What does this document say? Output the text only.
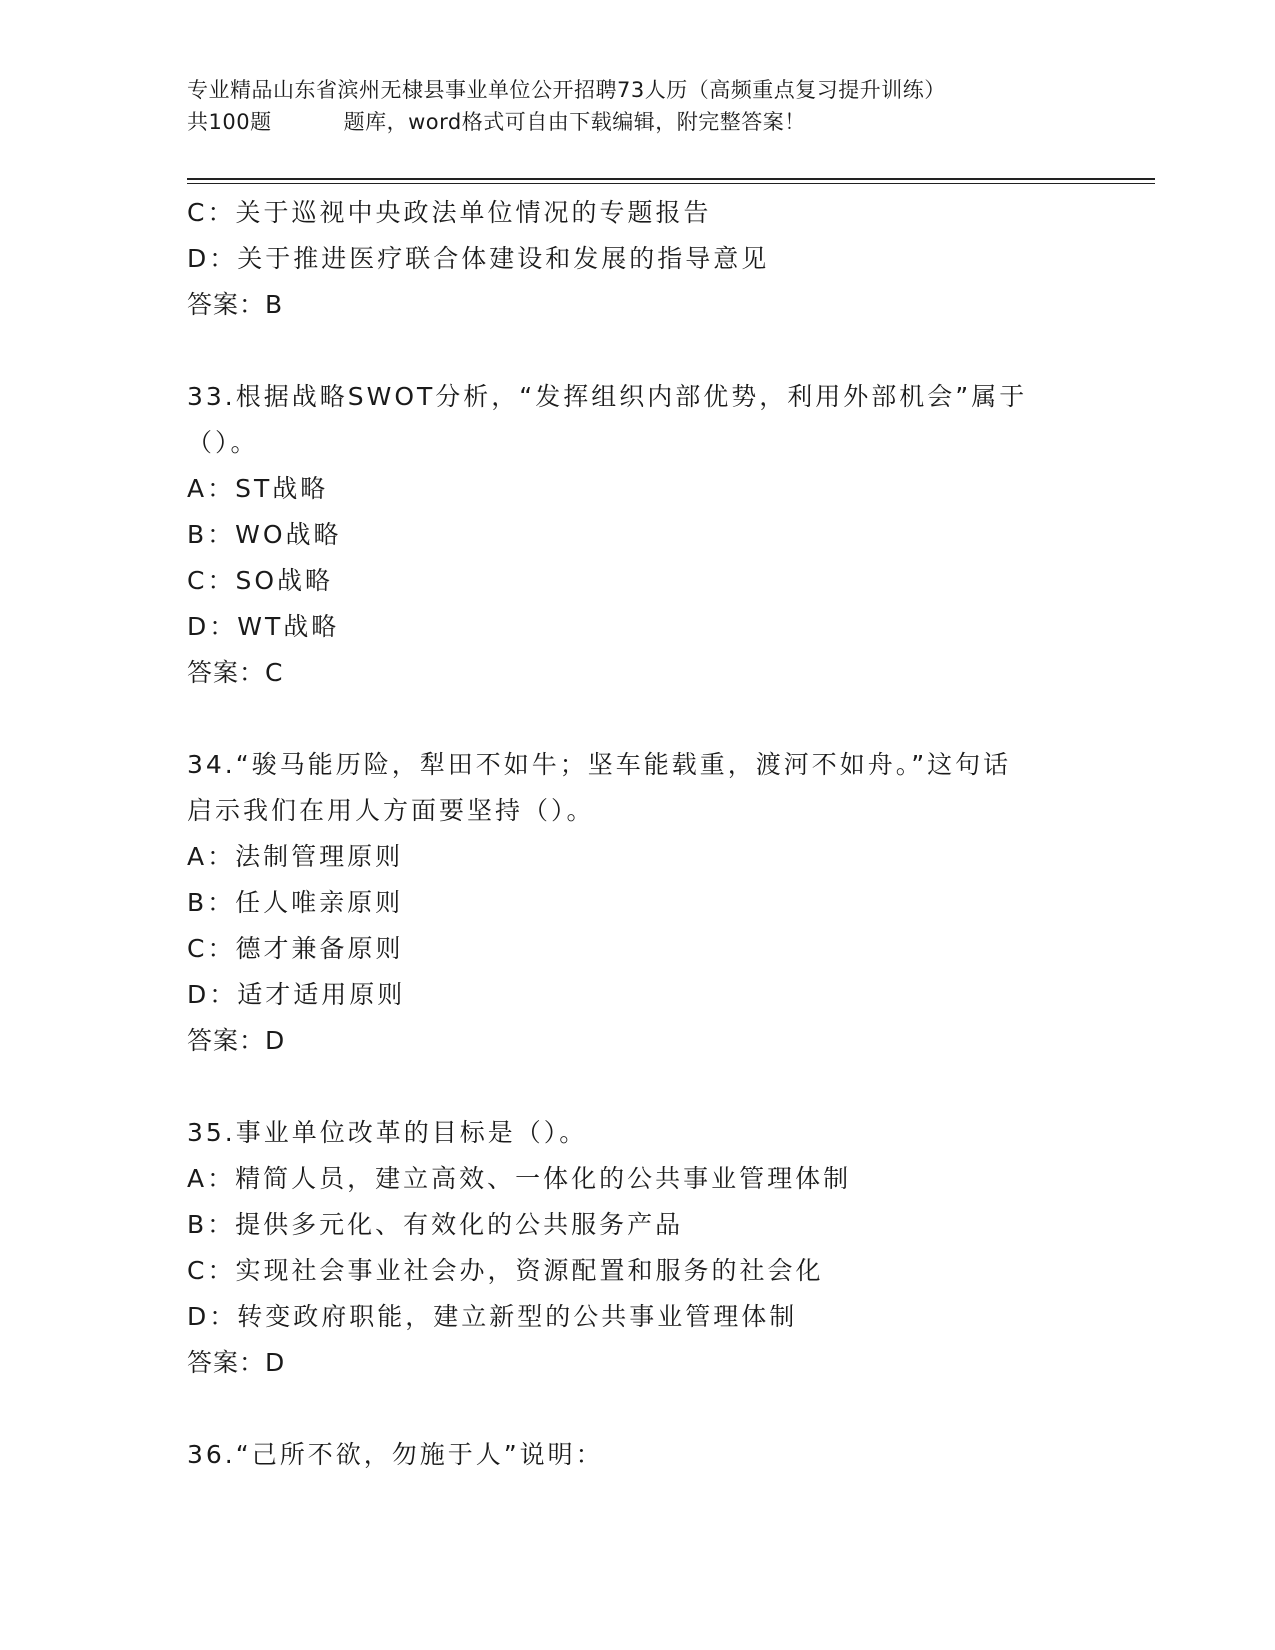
专业精品山东省滨州无棣县事业单位公开招聘73人历（高频重点复习提升训练）
共100题	题库，word格式可自由下载编辑，附完整答案！
C：关于巡视中央政法单位情况的专题报告
D：关于推进医疗联合体建设和发展的指导意见
答案：B
33.根据战略SWOT分析，“发挥组织内部优势，利用外部机会”属于
（）。
A：ST战略
B：WO战略
C：SO战略
D：WT战略
答案：C
34.“骏马能历险，犁田不如牛；坚车能载重，渡河不如舟。”这句话
启示我们在用人方面要坚持（）。
A：法制管理原则
B：任人唯亲原则
C：德才兼备原则
D：适才适用原则
答案：D
35.事业单位改革的目标是（）。
A：精简人员，建立高效、一体化的公共事业管理体制
B：提供多元化、有效化的公共服务产品
C：实现社会事业社会办，资源配置和服务的社会化
D：转变政府职能，建立新型的公共事业管理体制
答案：D
36.“己所不欲，勿施于人”说明：
